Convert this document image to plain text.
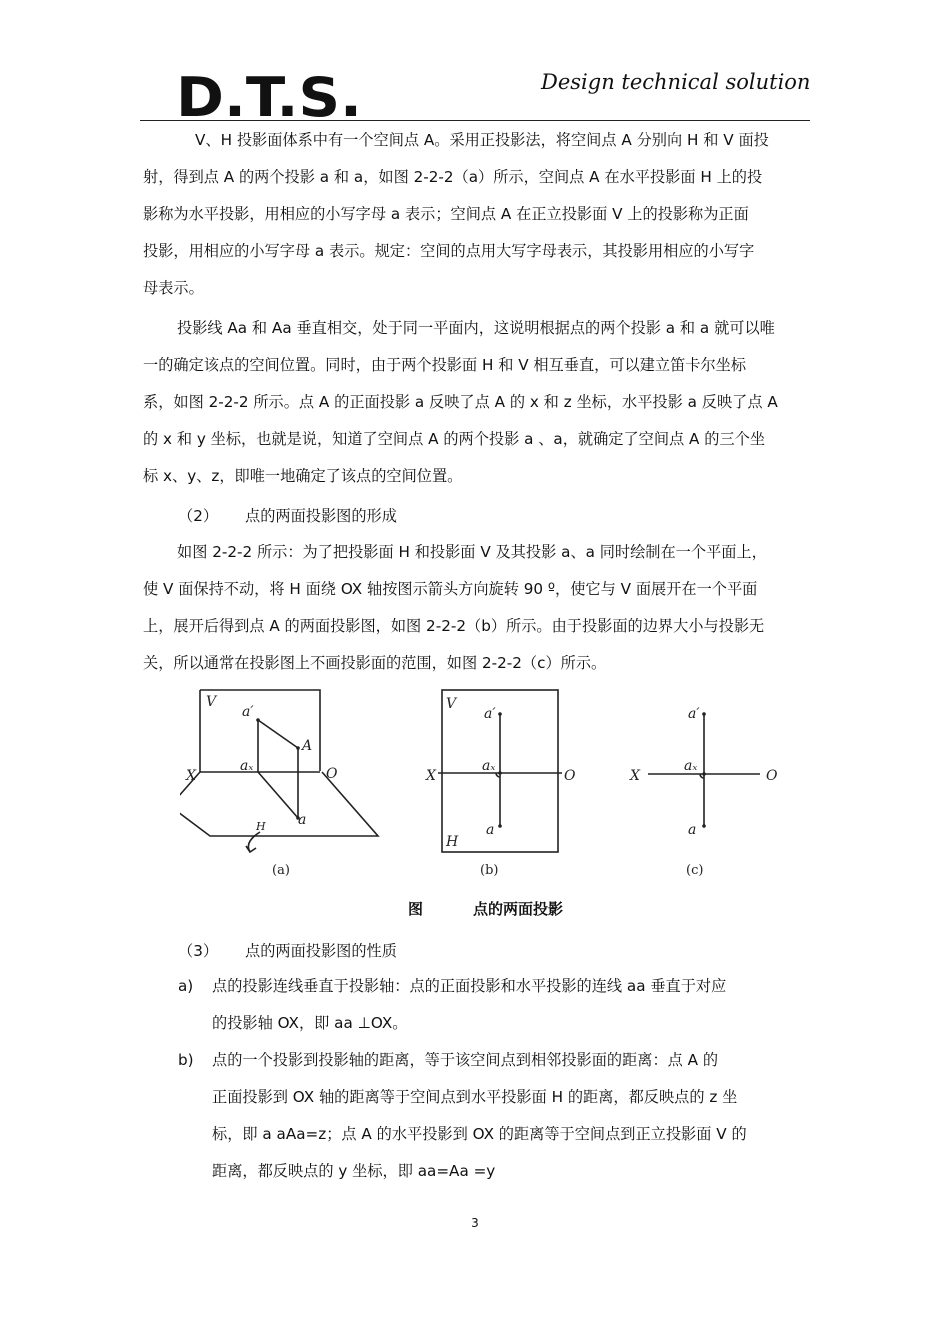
D.T.S.	Design technical solution
V、H 投影面体系中有一个空间点 A。采用正投影法，将空间点 A 分别向 H 和 V 面投
射，得到点 A 的两个投影 a 和 a，如图 2-2-2（a）所示，空间点 A 在水平投影面 H 上的投
影称为水平投影，用相应的小写字母 a 表示；空间点 A 在正立投影面 V 上的投影称为正面
投影，用相应的小写字母 a 表示。规定：空间的点用大写字母表示，其投影用相应的小写字
母表示。
投影线 Aa 和 Aa 垂直相交，处于同一平面内，这说明根据点的两个投影 a 和 a 就可以唯
一的确定该点的空间位置。同时，由于两个投影面 H 和 V 相互垂直，可以建立笛卡尔坐标
系，如图 2-2-2 所示。点 A 的正面投影 a 反映了点 A 的 x 和 z 坐标，水平投影 a 反映了点 A
的 x 和 y 坐标，也就是说，知道了空间点 A 的两个投影 a 、a，就确定了空间点 A 的三个坐
标 x、y、z，即唯一地确定了该点的空间位置。
（2） 点的两面投影图的形成
如图 2-2-2 所示：为了把投影面 H 和投影面 V 及其投影 a、a 同时绘制在一个平面上，
使 V 面保持不动，将 H 面绕 OX 轴按图示箭头方向旋转 90 º，使它与 V 面展开在一个平面
上，展开后得到点 A 的两面投影图，如图 2-2-2（b）所示。由于投影面的边界大小与投影无
关，所以通常在投影图上不画投影面的范围，如图 2-2-2（c）所示。
V
a′
A
aₓ
X	O
a
H
(a)
V
a′
aₓ
X	O
a
H
(b)
a′
aₓ
X	O
a
(c)
图	点的两面投影
（3） 点的两面投影图的性质
a)	点的投影连线垂直于投影轴：点的正面投影和水平投影的连线 aa 垂直于对应
的投影轴 OX，即 aa ⊥OX。
b)	点的一个投影到投影轴的距离，等于该空间点到相邻投影面的距离：点 A 的
正面投影到 OX 轴的距离等于空间点到水平投影面 H 的距离，都反映点的 z 坐
标，即 a aAa=z；点 A 的水平投影到 OX 的距离等于空间点到正立投影面 V 的
距离，都反映点的 y 坐标，即 aa=Aa =y
3
